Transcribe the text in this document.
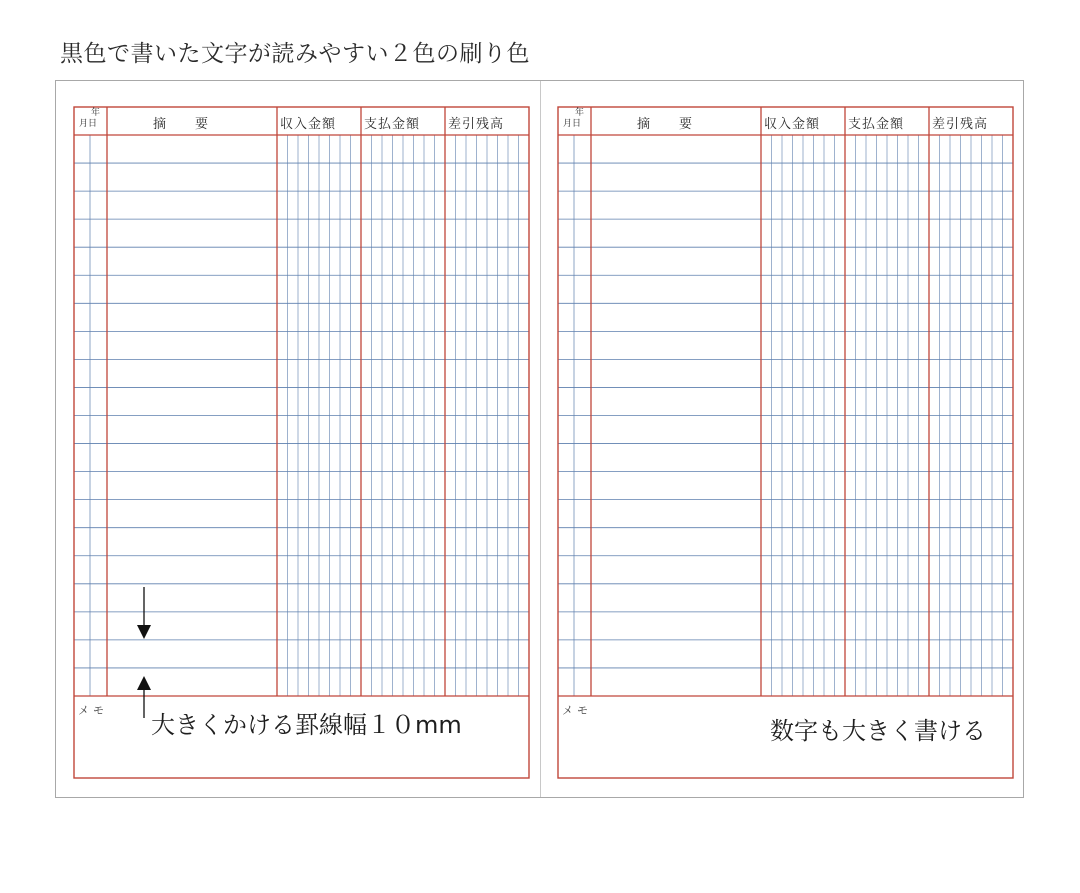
黒色で書いた文字が読みやすい２色の刷り色
年
月日	摘　　要	収入金額 支払金額 差引残高
メモ
大きくかける罫線幅１０mm
年
月日	摘　　要	収入金額 支払金額 差引残高
メモ
数字も大きく書ける
